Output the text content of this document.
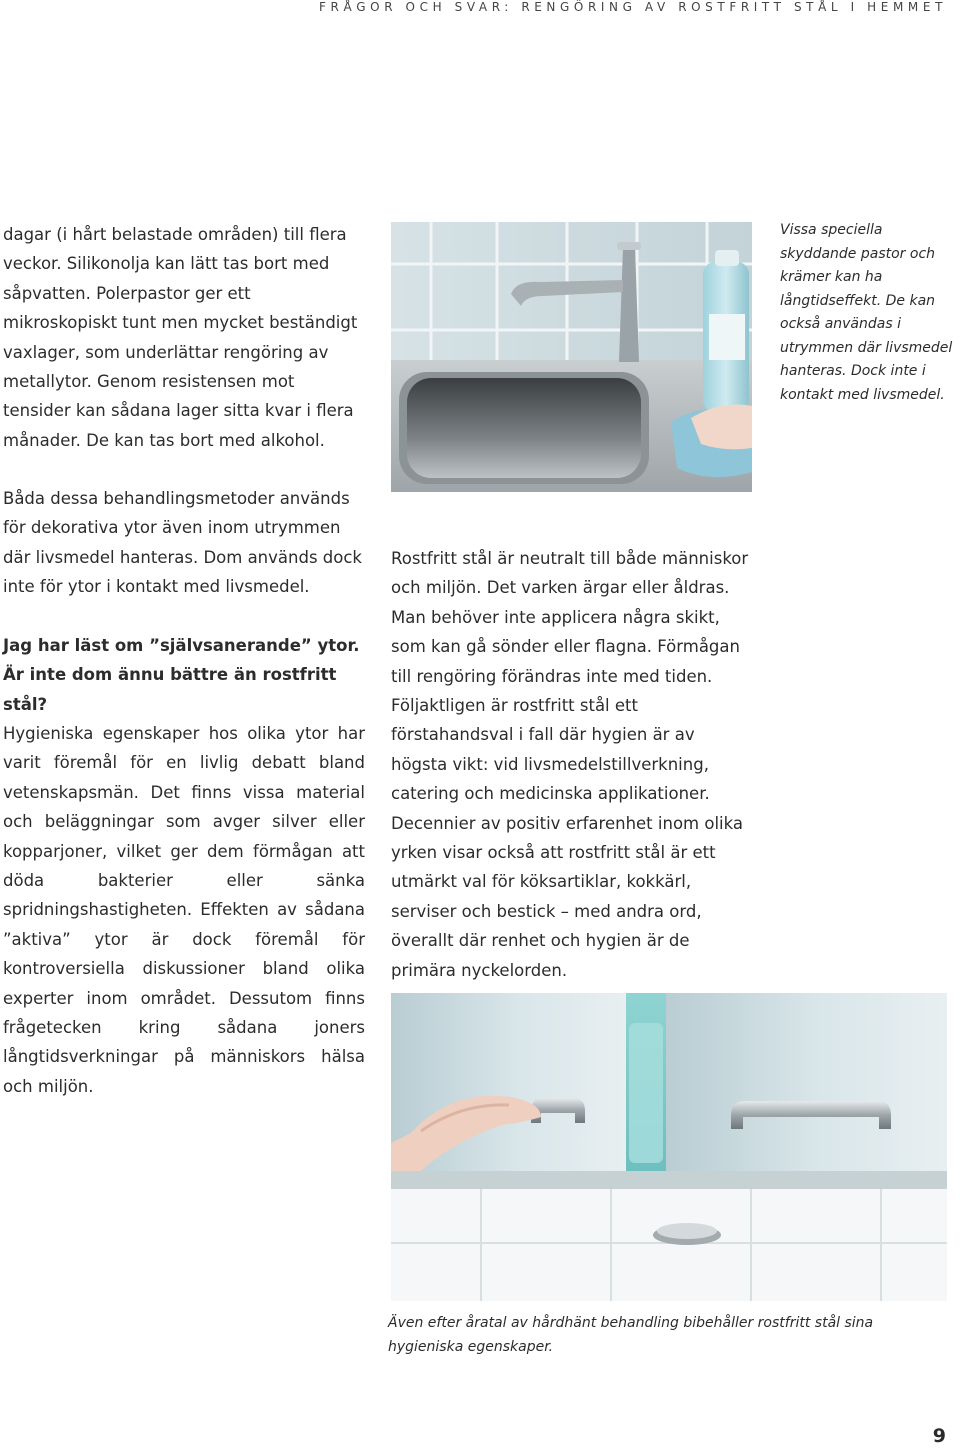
FRÅGOR OCH SVAR: RENGÖRING AV ROSTFRITT STÅL I HEMMET

dagar (i hårt belastade områden) till flera veckor. Silikonolja kan lätt tas bort med såpvatten. Polerpastor ger ett mikroskopiskt tunt men mycket beständigt vaxlager, som underlättar rengöring av metallytor. Genom resistensen mot tensider kan sådana lager sitta kvar i flera månader. De kan tas bort med alkohol.

Båda dessa behandlingsmetoder används för dekorativa ytor även inom utrymmen där livsmedel hanteras. Dom används dock inte för ytor i kontakt med livsmedel.

Jag har läst om ”självsanerande” ytor. Är inte dom ännu bättre än rostfritt stål?

Hygieniska egenskaper hos olika ytor har varit föremål för en livlig debatt bland vetenskapsmän. Det finns vissa material och beläggningar som avger silver eller kopparjoner, vilket ger dem förmågan att döda bakterier eller sänka spridningshastigheten. Effekten av sådana ”aktiva” ytor är dock föremål för kontroversiella diskussioner bland olika experter inom området. Dessutom finns frågetecken kring sådana joners långtidsverkningar på människors hälsa och miljön.

Vissa speciella skyddande pastor och krämer kan ha långtidseffekt. De kan också användas i utrymmen där livsmedel hanteras. Dock inte i kontakt med livsmedel.

Rostfritt stål är neutralt till både människor och miljön. Det varken ärgar eller åldras. Man behöver inte applicera några skikt, som kan gå sönder eller flagna. Förmågan till rengöring förändras inte med tiden. Följaktligen är rostfritt stål ett förstahandsval i fall där hygien är av högsta vikt: vid livsmedelstillverkning, catering och medicinska applikationer. Decennier av positiv erfarenhet inom olika yrken visar också att rostfritt stål är ett utmärkt val för köksartiklar, kokkärl, serviser och bestick – med andra ord, överallt där renhet och hygien är de primära nyckelorden.

Även efter åratal av hårdhänt behandling bibehåller rostfritt stål sina hygieniska egenskaper.

9
